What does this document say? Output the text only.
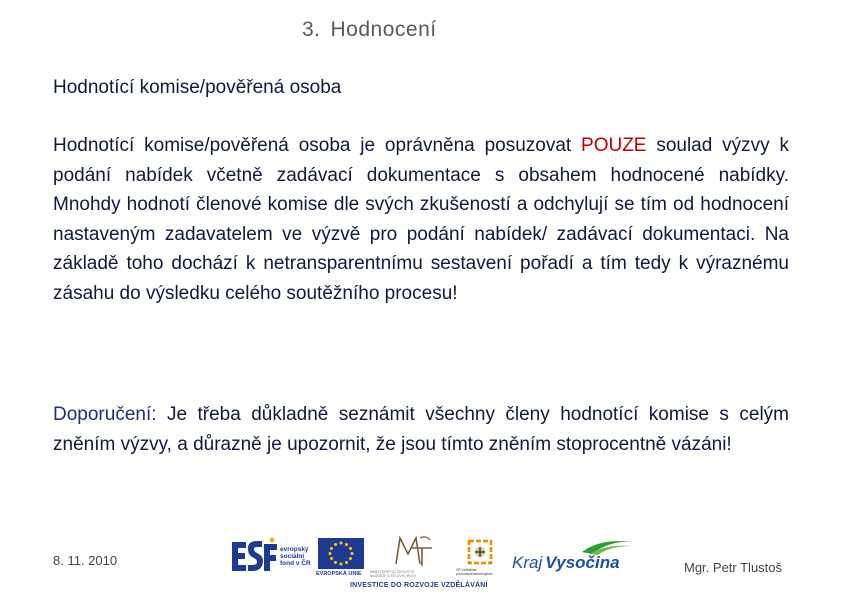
3. Hodnocení
Hodnotící komise/pověřená osoba
Hodnotící komise/pověřená osoba je oprávněna posuzovat POUZE soulad výzvy k podání nabídek včetně zadávací dokumentace s obsahem hodnocené nabídky. Mnohdy hodnotí členové komise dle svých zkušeností a odchylují se tím od hodnocení nastaveným zadavatelem ve výzvě pro podání nabídek/ zadávací dokumentaci. Na základě toho dochází k netransparentnímu sestavení pořadí a tím tedy k výraznému zásahu do výsledku celého soutěžního procesu!
Doporučení: Je třeba důkladně seznámit všechny členy hodnotící komise s celým zněním výzvy, a důrazně je upozornit, že jsou tímto zněním stoprocentně vázáni!
8. 11. 2010
evropský
sociální
fond v ČR
EVROPSKÁ UNIE MINISTERSTVO ŠKOLSTVÍ,
MLÁDEŽE A TĚLOVÝCHOVY
OP Vzdělávání
pro konkurenceschopnost
Kraj Vysočina
INVESTICE DO ROZVOJE VZDĚLÁVÁNÍ
Mgr. Petr Tlustoš
